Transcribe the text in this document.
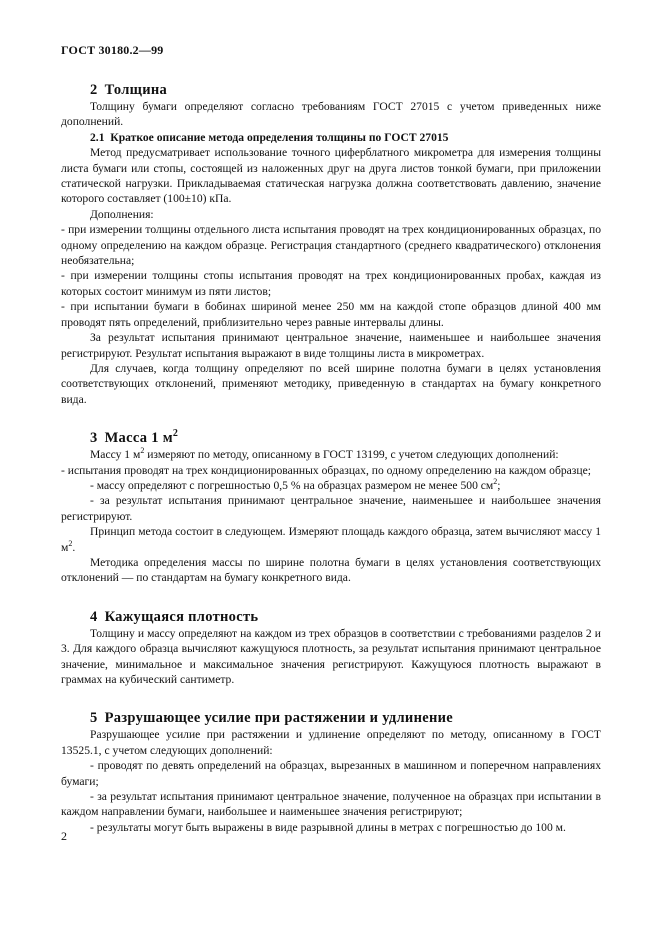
ГОСТ 30180.2—99
2 Толщина

Толщину бумаги определяют согласно требованиям ГОСТ 27015 с учетом приведенных ниже дополнений.

2.1 Краткое описание метода определения толщины по ГОСТ 27015

Метод предусматривает использование точного циферблатного микрометра для измерения толщины листа бумаги или стопы, состоящей из наложенных друг на друга листов тонкой бумаги, при приложении статической нагрузки. Прикладываемая статическая нагрузка должна соответствовать давлению, значение которого составляет (100±10) кПа.

Дополнения:

- при измерении толщины отдельного листа испытания проводят на трех кондиционированных образцах, по одному определению на каждом образце. Регистрация стандартного (среднего квадратического) отклонения необязательна;

- при измерении толщины стопы испытания проводят на трех кондиционированных пробах, каждая из которых состоит минимум из пяти листов;

- при испытании бумаги в бобинах шириной менее 250 мм на каждой стопе образцов длиной 400 мм проводят пять определений, приблизительно через равные интервалы длины.

За результат испытания принимают центральное значение, наименьшее и наибольшее значения регистрируют. Результат испытания выражают в виде толщины листа в микрометрах.

Для случаев, когда толщину определяют по всей ширине полотна бумаги в целях установления соответствующих отклонений, применяют методику, приведенную в стандартах на бумагу конкретного вида.

3 Масса 1 $м^2$

Массу 1 $м^2$ измеряют по методу, описанному в ГОСТ 13199, с учетом следующих дополнений:

- испытания проводят на трех кондиционированных образцах, по одному определению на каждом образце;

- массу определяют с погрешностью 0,5 % на образцах размером не менее 500 $см^2$;

- за результат испытания принимают центральное значение, наименьшее и наибольшее значения регистрируют.

Принцип метода состоит в следующем. Измеряют площадь каждого образца, затем вычисляют массу 1 $м^2$.

Методика определения массы по ширине полотна бумаги в целях установления соответствующих отклонений — по стандартам на бумагу конкретного вида.

4 Кажущаяся плотность

Толщину и массу определяют на каждом из трех образцов в соответствии с требованиями разделов 2 и 3. Для каждого образца вычисляют кажущуюся плотность, за результат испытания принимают центральное значение, минимальное и максимальное значения регистрируют. Кажущуюся плотность выражают в граммах на кубический сантиметр.

5 Разрушающее усилие при растяжении и удлинение

Разрушающее усилие при растяжении и удлинение определяют по методу, описанному в ГОСТ 13525.1, с учетом следующих дополнений:

- проводят по девять определений на образцах, вырезанных в машинном и поперечном направлениях бумаги;

- за результат испытания принимают центральное значение, полученное на образцах при испытании в каждом направлении бумаги, наибольшее и наименьшее значения регистрируют;

- результаты могут быть выражены в виде разрывной длины в метрах с погрешностью до 100 м.

2
